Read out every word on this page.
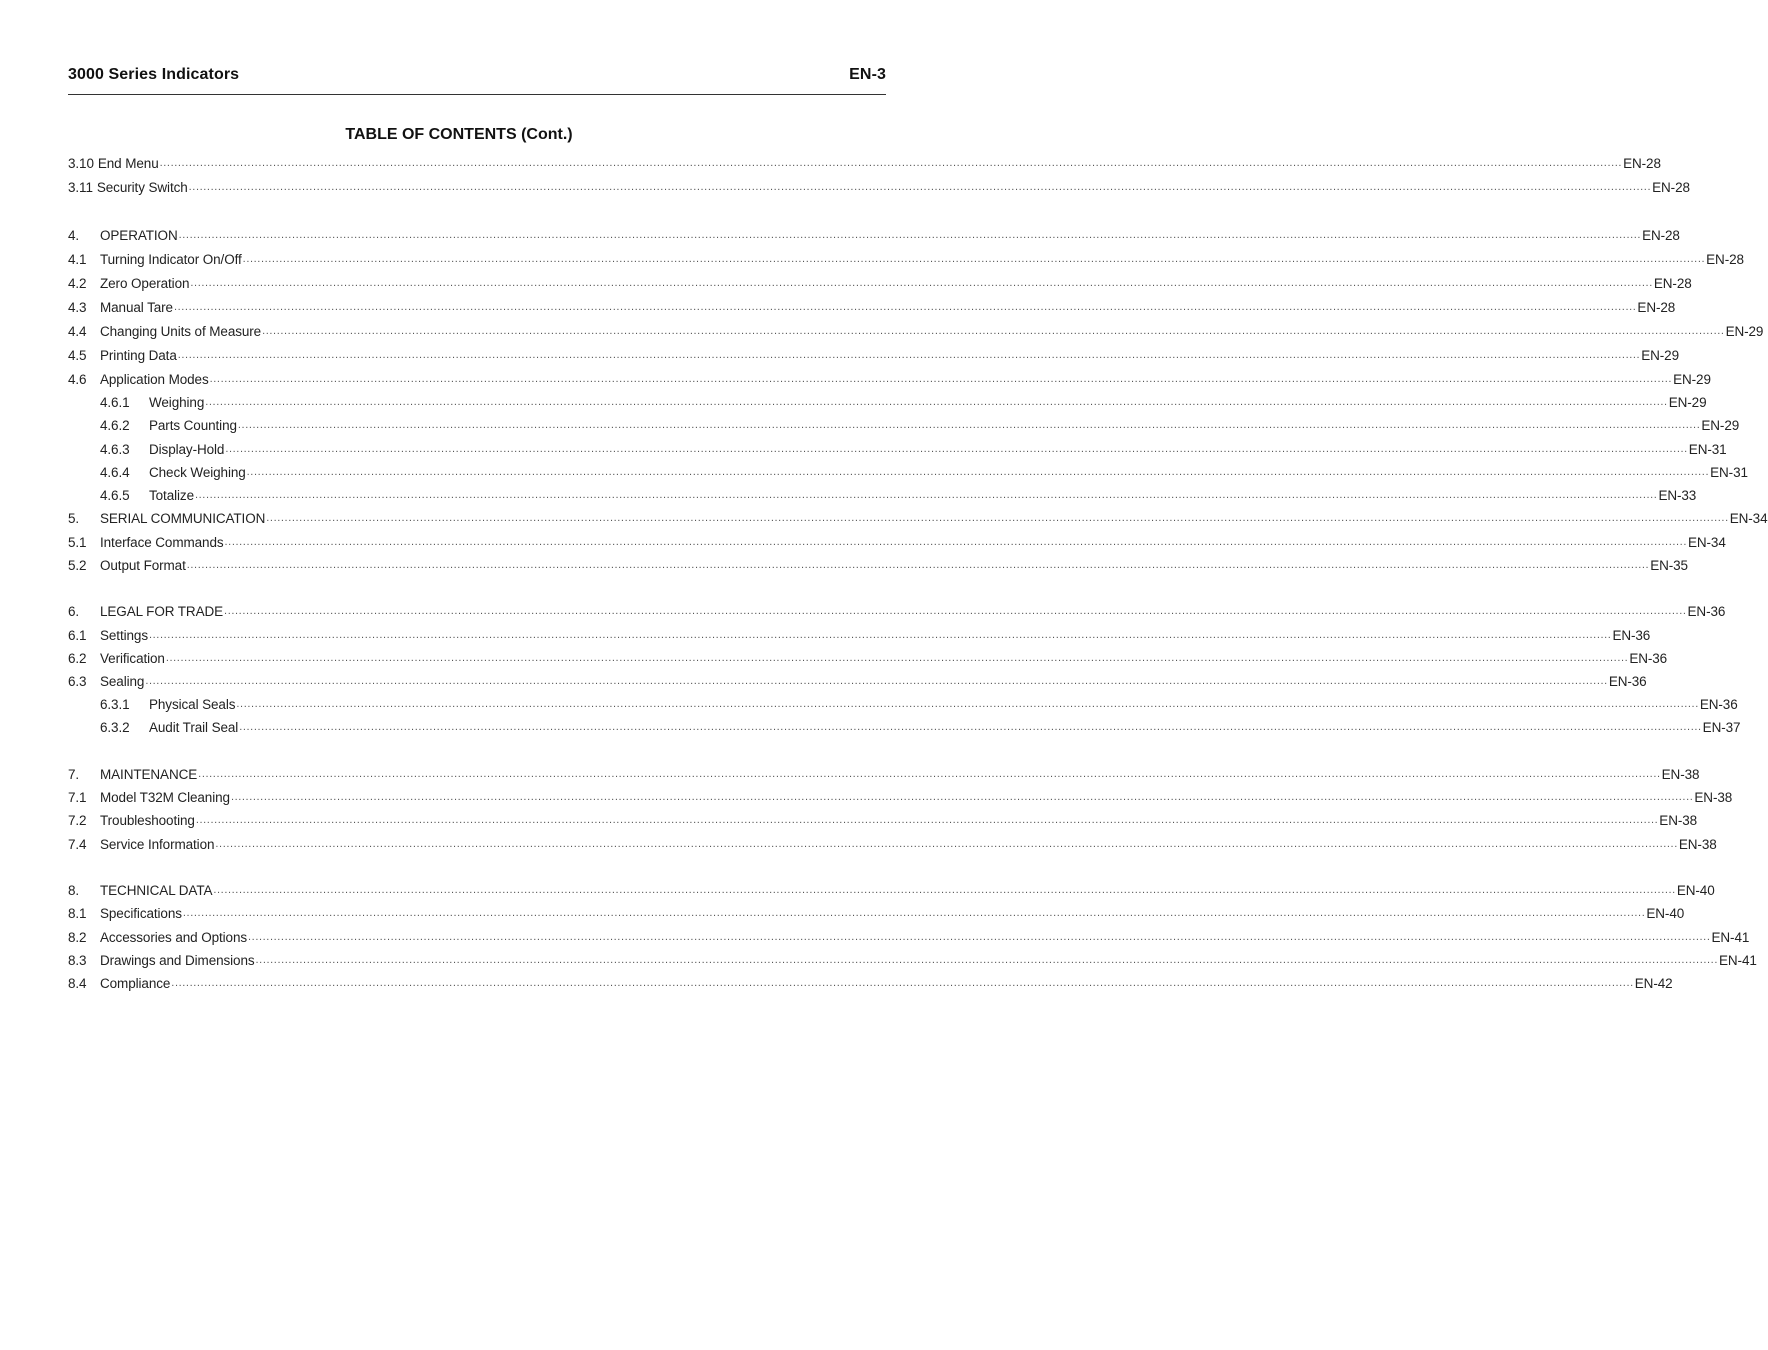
3000 Series Indicators	EN-3
TABLE OF CONTENTS (Cont.)
3.10 End Menu ................................................................................................................................................................................................................................................................................................................................................................................................................ EN-28
3.11 Security Switch ................................................................................................................................................................................................................................................................................................................................................................................................................ EN-28
4.	OPERATION ................................................................................................................................................................................................................................................................................................................................................................................................................ EN-28
4.1	Turning Indicator On/Off ................................................................................................................................................................................................................................................................................................................................................................................................................ EN-28
4.2	Zero Operation ................................................................................................................................................................................................................................................................................................................................................................................................................ EN-28
4.3	Manual Tare ................................................................................................................................................................................................................................................................................................................................................................................................................ EN-28
4.4	Changing Units of Measure ................................................................................................................................................................................................................................................................................................................................................................................................................ EN-29
4.5	Printing Data ................................................................................................................................................................................................................................................................................................................................................................................................................ EN-29
4.6	Application Modes ................................................................................................................................................................................................................................................................................................................................................................................................................ EN-29
4.6.1	Weighing ................................................................................................................................................................................................................................................................................................................................................................................................................ EN-29
4.6.2	Parts Counting ................................................................................................................................................................................................................................................................................................................................................................................................................ EN-29
4.6.3	Display-Hold ................................................................................................................................................................................................................................................................................................................................................................................................................ EN-31
4.6.4	Check Weighing ................................................................................................................................................................................................................................................................................................................................................................................................................ EN-31
4.6.5	Totalize ................................................................................................................................................................................................................................................................................................................................................................................................................ EN-33
5.	SERIAL COMMUNICATION ................................................................................................................................................................................................................................................................................................................................................................................................................ EN-34
5.1	Interface Commands ................................................................................................................................................................................................................................................................................................................................................................................................................ EN-34
5.2	Output Format ................................................................................................................................................................................................................................................................................................................................................................................................................ EN-35
6.	LEGAL FOR TRADE ................................................................................................................................................................................................................................................................................................................................................................................................................ EN-36
6.1	Settings ................................................................................................................................................................................................................................................................................................................................................................................................................ EN-36
6.2	Verification ................................................................................................................................................................................................................................................................................................................................................................................................................ EN-36
6.3	Sealing ................................................................................................................................................................................................................................................................................................................................................................................................................ EN-36
6.3.1	Physical Seals ................................................................................................................................................................................................................................................................................................................................................................................................................ EN-36
6.3.2	Audit Trail Seal ................................................................................................................................................................................................................................................................................................................................................................................................................ EN-37
7.	MAINTENANCE ................................................................................................................................................................................................................................................................................................................................................................................................................ EN-38
7.1	Model T32M Cleaning ................................................................................................................................................................................................................................................................................................................................................................................................................ EN-38
7.2	Troubleshooting ................................................................................................................................................................................................................................................................................................................................................................................................................ EN-38
7.4	Service Information ................................................................................................................................................................................................................................................................................................................................................................................................................ EN-38
8.	TECHNICAL DATA ................................................................................................................................................................................................................................................................................................................................................................................................................ EN-40
8.1	Specifications ................................................................................................................................................................................................................................................................................................................................................................................................................ EN-40
8.2	Accessories and Options ................................................................................................................................................................................................................................................................................................................................................................................................................ EN-41
8.3	Drawings and Dimensions ................................................................................................................................................................................................................................................................................................................................................................................................................ EN-41
8.4	Compliance ................................................................................................................................................................................................................................................................................................................................................................................................................ EN-42
